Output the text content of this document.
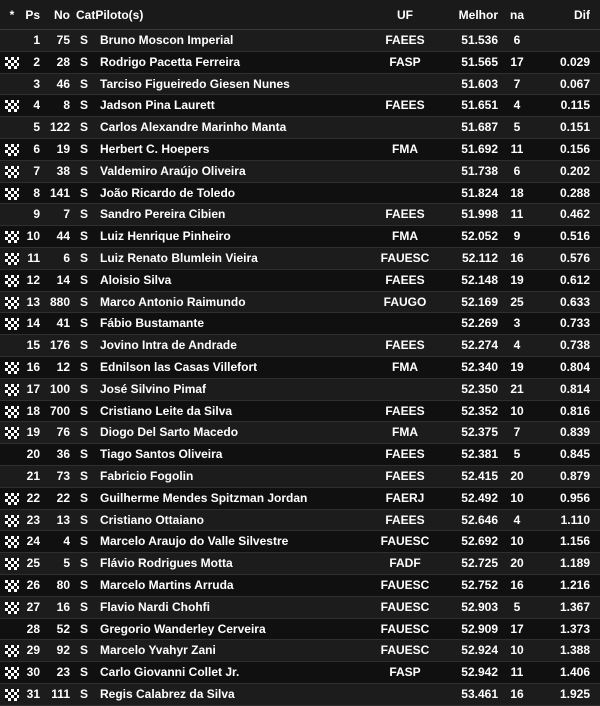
* Ps	No CatPiloto(s)	UF	Melhor na	Dif
1	75 S Bruno Moscon Imperial	FAEES	51.536	6
2	28 S Rodrigo Pacetta Ferreira	FASP	51.565	17	0.029
3	46 S Tarciso Figueiredo Giesen Nunes	51.603	7	0.067
4	8 S Jadson Pina Laurett	FAEES	51.651	4	0.115
5 122 S Carlos Alexandre Marinho Manta	51.687	5	0.151
6	19 S Herbert C. Hoepers	FMA	51.692	11	0.156
7	38 S Valdemiro Araújo Oliveira	51.738	6	0.202
8 141 S João Ricardo de Toledo	51.824	18	0.288
9	7 S Sandro Pereira Cibien	FAEES	51.998	11	0.462
10	44 S Luiz Henrique Pinheiro	FMA	52.052	9	0.516
11	6 S Luiz Renato Blumlein Vieira	FAUESC	52.112	16	0.576
12	14 S Aloisio Silva	FAEES	52.148	19	0.612
13 880 S Marco Antonio Raimundo	FAUGO	52.169	25	0.633
14	41 S Fábio Bustamante	52.269	3	0.733
15 176 S Jovino Intra de Andrade	FAEES	52.274	4	0.738
16	12 S Ednilson las Casas Villefort	FMA	52.340	19	0.804
17 100 S José Silvino Pimaf	52.350	21	0.814
18 700 S Cristiano Leite da Silva	FAEES	52.352	10	0.816
19	76 S Diogo Del Sarto Macedo	FMA	52.375	7	0.839
20	36 S Tiago Santos Oliveira	FAEES	52.381	5	0.845
21	73 S Fabricio Fogolin	FAEES	52.415	20	0.879
22	22 S Guilherme Mendes Spitzman Jordan	FAERJ	52.492	10	0.956
23	13 S Cristiano Ottaiano	FAEES	52.646	4	1.110
24	4 S Marcelo Araujo do Valle Silvestre	FAUESC	52.692	10	1.156
25	5 S Flávio Rodrigues Motta	FADF	52.725	20	1.189
26	80 S Marcelo Martins Arruda	FAUESC	52.752	16	1.216
27	16 S Flavio Nardi Chohfi	FAUESC	52.903	5	1.367
28	52 S Gregorio Wanderley Cerveira	FAUESC	52.909	17	1.373
29	92 S Marcelo Yvahyr Zani	FAUESC	52.924	10	1.388
30	23 S Carlo Giovanni Collet Jr.	FASP	52.942	11	1.406
31 111 S Regis Calabrez da Silva	53.461	16	1.925
